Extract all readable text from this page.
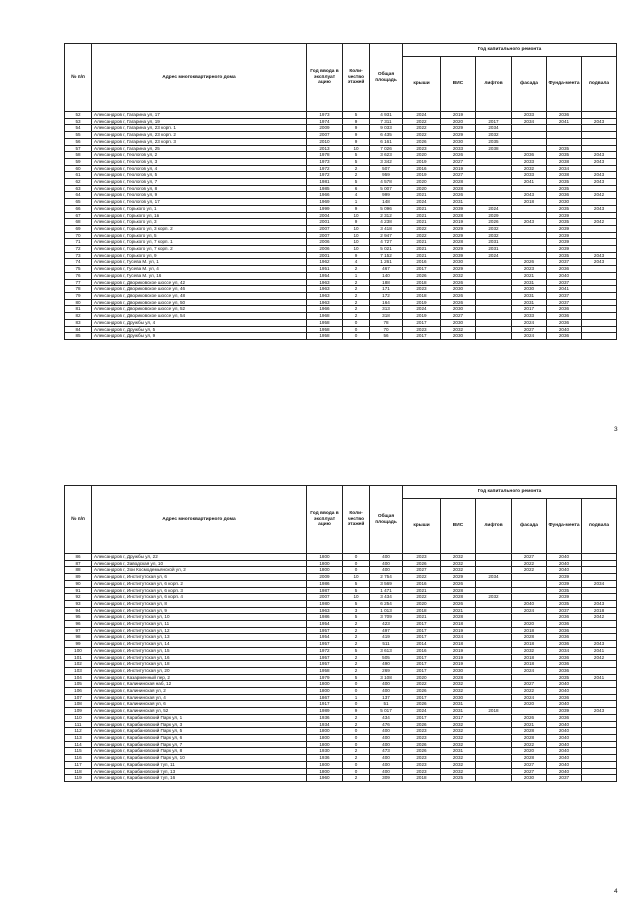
№ п/п	Адрес многоквартирного дома	Год ввода в эксплуат ацию	Коли-чество этажей	Общая площадь	Год капитального ремонта					
					крыши	ВИС	лифтов	фасада	Фунда-мента	подвала
52	Александров г, Гагарина ул, 17	1973	5	4 931	2024	2019		2033	2036	
53	Александров г, Гагарина ул, 19	1974	9	7 311	2022	2020	2017	2034	2041	2043
54	Александров г, Гагарина ул, 23 корп. 1	2009	9	9 033	2022	2029	2034			
55	Александров г, Гагарина ул, 23 корп. 2	2007	9	6 435	2022	2029	2032			
56	Александров г, Гагарина ул, 23 корп. 3	2010	9	6 161	2026	2030	2035			
57	Александров г, Гагарина ул, 25	2013	10	7 026	2023	2033	2038		2035	
58	Александров г, Геологов ул, 2	1978	5	3 623	2020	2026		2036	2035	2043
59	Александров г, Геологов ул, 3	1973	5	3 342	2019	2027		2033	2038	2043
60	Александров г, Геологов ул, 4	1972	2	507	2016	2019		2032	2034	
61	Александров г, Геологов ул, 5	1972	2	959	2019	2027		2033	2038	2043
62	Александров г, Геологов ул, 7	1981	5	4 578	2020	2028		2041	2035	2043
63	Александров г, Геологов ул, 8	1985	6	5 007	2020	2028			2035	
64	Александров г, Геологов ул, 9	1966	4	999	2021	2026		2043	2036	2042
65	Александров г, Геологов ул, 17	1969	1	148	2024	2031		2018	2030	
66	Александров г, Горького ул, 1	1999	9	5 096	2021	2039	2024		2035	2043
67	Александров г, Горького ул, 1в	2004	10	2 312	2021	2028	2029		2039	
68	Александров г, Горького ул, 3	2001	9	4 238	2021	2019	2026	2043	2035	2042
69	Александров г, Горького ул, 3 корп. 2	2007	10	3 418	2022	2029	2032		2039	
70	Александров г, Горького ул, 5	2007	10	2 947	2022	2029	2032		2039	
71	Александров г, Горького ул, 7 корп. 1	2006	10	4 727	2021	2028	2031		2039	
72	Александров г, Горького ул, 7 корп. 2	2006	10	5 021	2021	2029	2031		2039	
73	Александров г, Горького ул, 9	2001	9	7 152	2021	2039	2024		2035	2043
74	Александров г, Гусева М. ул, 1	1962	4	1 261	2016	2030		2026	2037	2043
75	Александров г, Гусева М. ул, 4	1951	2	467	2017	2029		2023	2036	
76	Александров г, Гусева М. ул, 16	1954	1	140	2026	2032		2021	2040	
77	Александров г, Двориковское шоссе ул, 42	1963	2	188	2018	2026		2031	2037	
78	Александров г, Двориковское шоссе ул, 46	1963	2	171	2023	2030		2030	2041	
79	Александров г, Двориковское шоссе ул, 48	1963	2	172	2018	2026		2031	2037	
80	Александров г, Двориковское шоссе ул, 50	1963	2	164	2019	2026		2031	2037	
81	Александров г, Двориковское шоссе ул, 52	1966	2	313	2024	2030		2017	2036	
82	Александров г, Двориковское шоссе ул, 54	1968	2	318	2019	2027		2033	2036	
83	Александров г, Дружбы ул, 4	1958	0	78	2017	2030		2024	2036	
84	Александров г, Дружбы ул, 5	1958	0	70	2023	2032		2027	2040	
85	Александров г, Дружбы ул, 9	1958	0	56	2017	2030		2024	2036	
3
№ п/п	Адрес многоквартирного дома	Год ввода в эксплуат ацию	Коли-чество этажей	Общая площадь	Год капитального ремонта					
					крыши	ВИС	лифтов	фасада	Фунда-мента	подвала
86	Александров г, Дружбы ул, 22	1800	0	400	2023	2032		2027	2040	
87	Александров г, Заводская ул, 10	1800	0	400	2026	2032		2022	2040	
88	Александров г, Зои Космодемьянской ул, 2	1800	0	400	2027	2032		2022	2040	
89	Александров г, Институтская ул, 6	2009	10	2 754	2022	2029	2034		2039	
90	Александров г, Институтская ул, 6 корп. 2	1986	5	3 569	2016	2026			2039	2034
91	Александров г, Институтская ул, 6 корп. 3	1987	5	1 471	2021	2028			2035	
92	Александров г, Институтская ул, 6 корп. 4	2007	10	3 434	2022	2028	2032		2039	
93	Александров г, Институтская ул, 8	1980	5	6 254	2020	2026		2040	2035	2043
94	Александров г, Институтская ул, 9	1963	3	1 013	2018	2021		2024	2037	2018
95	Александров г, Институтская ул, 10	1986	5	3 709	2021	2028			2036	2042
96	Александров г, Институтская ул, 11	1954	2	423	2017	2018		2020	2036	
97	Александров г, Институтская ул, 12	1957	2	497	2017	2019		2018	2036	
98	Александров г, Институтская ул, 13	1954	2	419	2017	2024		2028	2036	
99	Александров г, Институтская ул, 14	1957	2	511	2014	2018		2018	2036	2043
100	Александров г, Институтская ул, 15	1972	5	3 613	2016	2019		2032	2034	2041
101	Александров г, Институтская ул, 16	1957	2	505	2017	2019		2018	2036	2042
102	Александров г, Институтская ул, 18	1957	2	490	2017	2019		2018	2036	
103	Александров г, Институтская ул, 20	1958	2	269	2017	2030		2024	2036	
104	Александров г, Казарменный пер, 2	1979	5	3 108	2020	2028			2035	2041
105	Александров г, Калининская наб, 12	1800	0	400	2022	2032		2027	2040	
106	Александров г, Калининская ул, 2	1800	0	400	2026	2032		2022	2040	
107	Александров г, Калининская ул, 4	1867	1	137	2017	2030		2024	2036	
108	Александров г, Калининская ул, 6	1917	0	51	2026	2031		2020	2040	
109	Александров г, Калининская ул, 52	1989	9	5 017	2024	2031	2018		2039	2043
110	Александров г, Карабановский Парк ул, 1	1936	2	434	2017	2017		2026	2036	
111	Александров г, Карабановский Парк ул, 3	1934	2	476	2026	2032		2021	2040	
112	Александров г, Карабановский Парк ул, 5	1800	0	400	2023	2032		2028	2040	
113	Александров г, Карабановский Парк ул, 6	1800	0	400	2023	2032		2028	2040	
114	Александров г, Карабановский Парк ул, 7	1800	0	400	2026	2032		2022	2040	
115	Александров г, Карабановский Парк ул, 8	1930	2	473	2026	2031		2020	2040	
116	Александров г, Карабановский Парк ул, 10	1936	2	400	2023	2032		2028	2040	
117	Александров г, Карабановский туп, 11	1800	0	400	2023	2032		2027	2040	
118	Александров г, Карабановский туп, 13	1800	0	400	2023	2032		2027	2040	
119	Александров г, Карабановский туп, 16	1960	2	309	2018	2025		2030	2037	
4
